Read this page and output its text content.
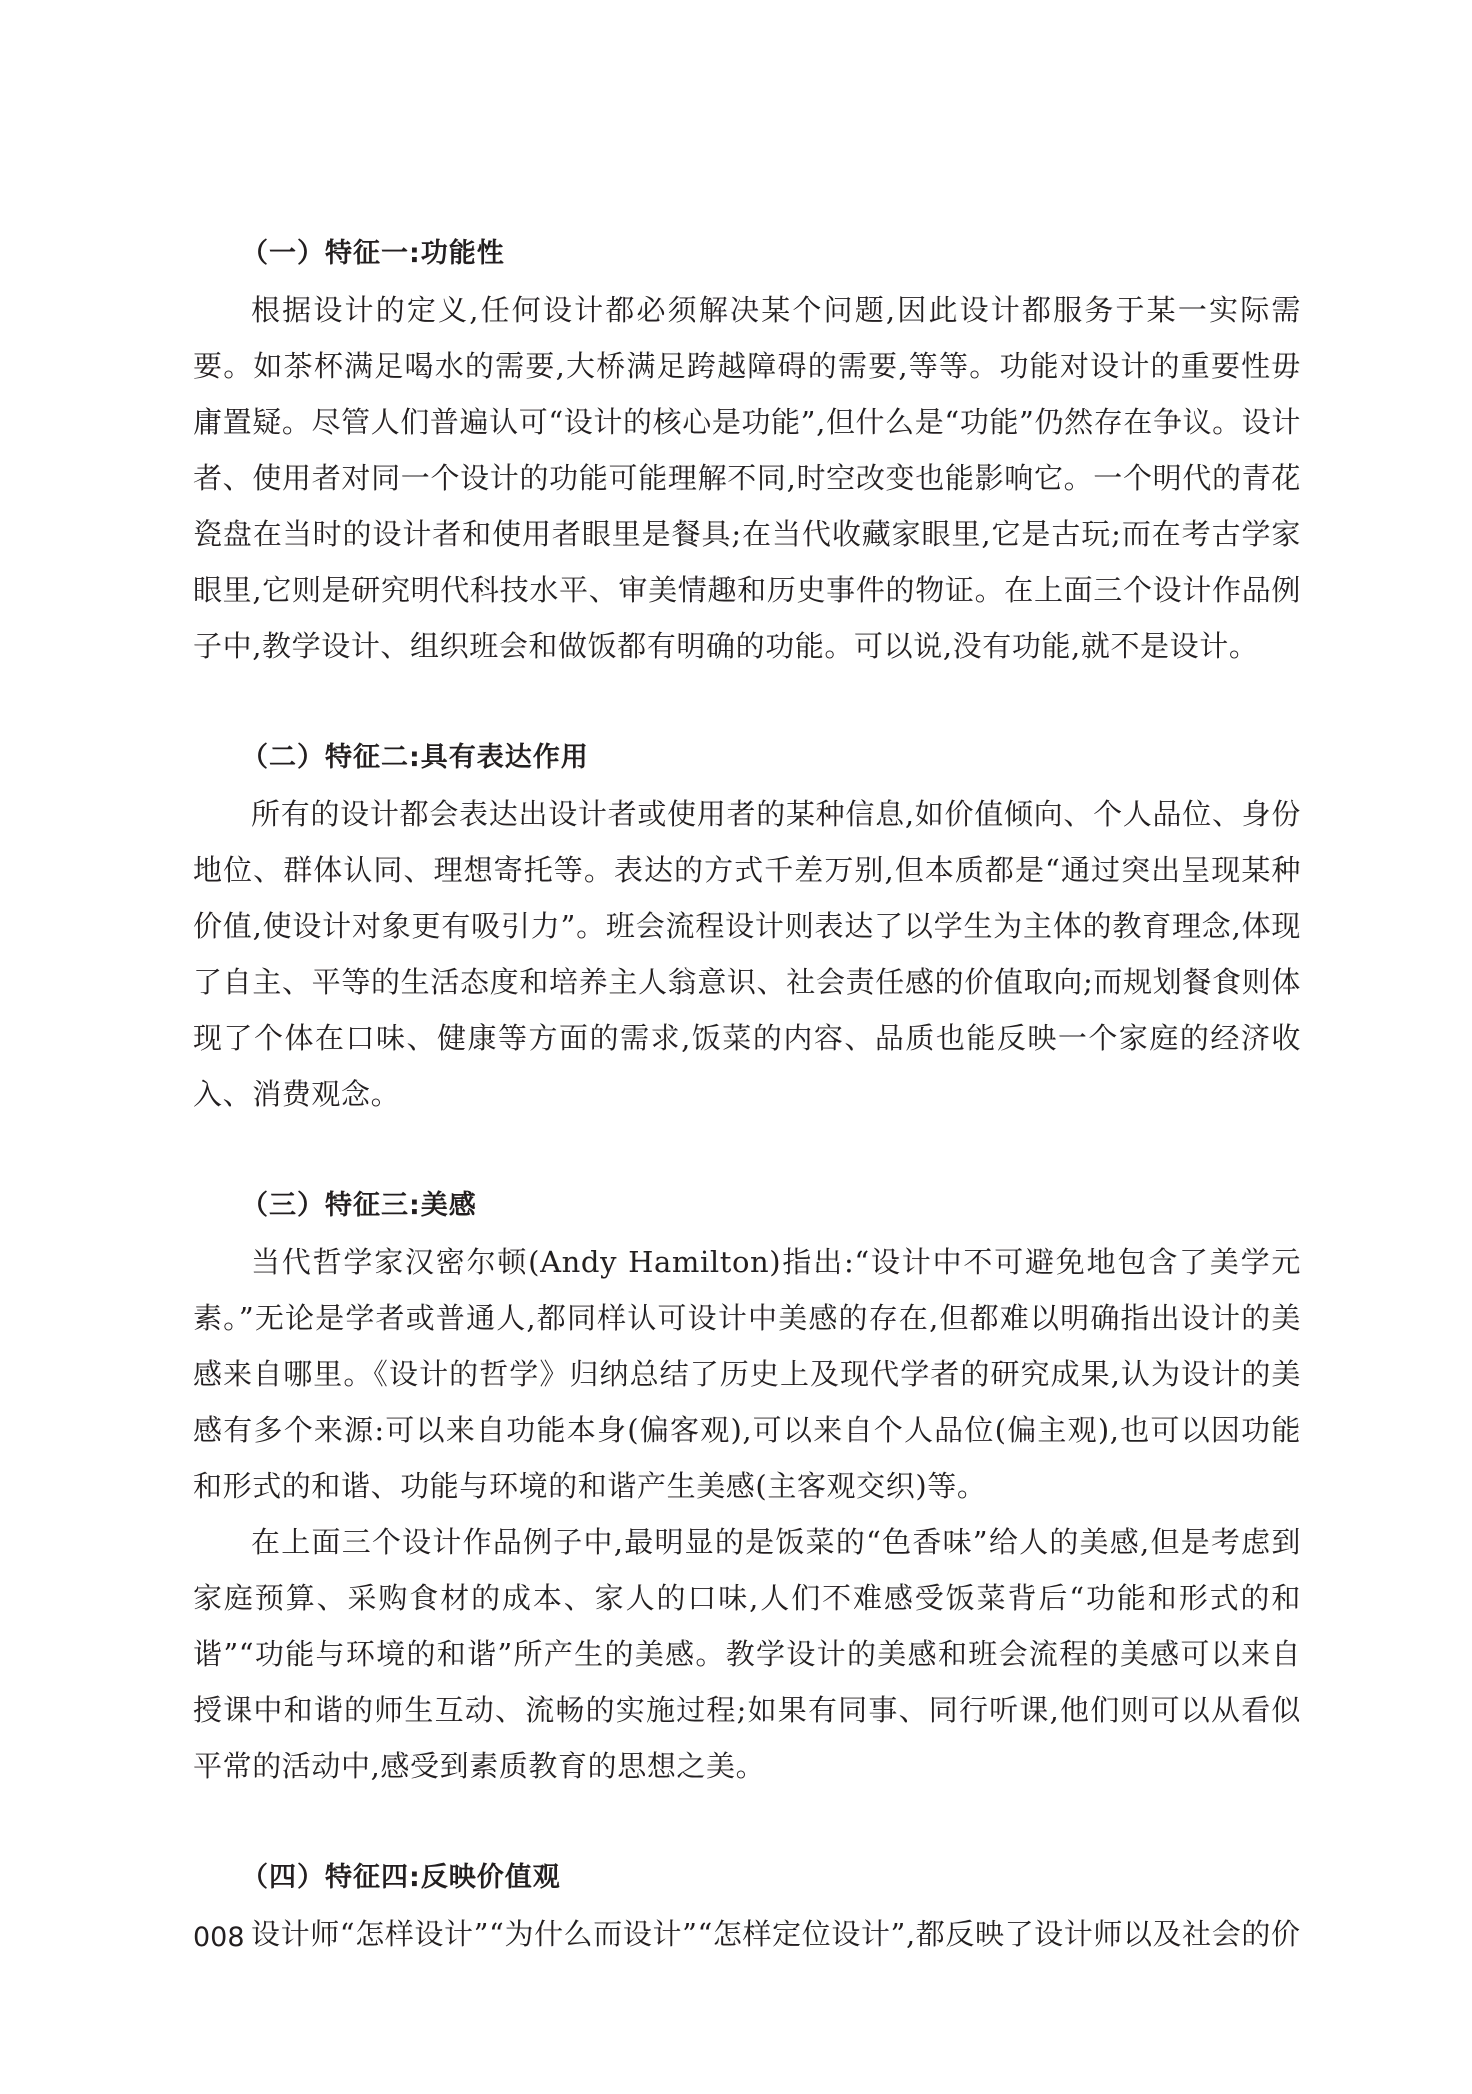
（一）特征一:功能性

根据设计的定义,任何设计都必须解决某个问题,因此设计都服务于某一实际需要。如茶杯满足喝水的需要,大桥满足跨越障碍的需要,等等。功能对设计的重要性毋庸置疑。尽管人们普遍认可“设计的核心是功能”,但什么是“功能”仍然存在争议。设计者、使用者对同一个设计的功能可能理解不同,时空改变也能影响它。一个明代的青花瓷盘在当时的设计者和使用者眼里是餐具;在当代收藏家眼里,它是古玩;而在考古学家眼里,它则是研究明代科技水平、审美情趣和历史事件的物证。在上面三个设计作品例子中,教学设计、组织班会和做饭都有明确的功能。可以说,没有功能,就不是设计。

（二）特征二:具有表达作用

所有的设计都会表达出设计者或使用者的某种信息,如价值倾向、个人品位、身份地位、群体认同、理想寄托等。表达的方式千差万别,但本质都是“通过突出呈现某种价值,使设计对象更有吸引力”。班会流程设计则表达了以学生为主体的教育理念,体现了自主、平等的生活态度和培养主人翁意识、社会责任感的价值取向;而规划餐食则体现了个体在口味、健康等方面的需求,饭菜的内容、品质也能反映一个家庭的经济收入、消费观念。

（三）特征三:美感

当代哲学家汉密尔顿(Andy Hamilton)指出:“设计中不可避免地包含了美学元素。”无论是学者或普通人,都同样认可设计中美感的存在,但都难以明确指出设计的美感来自哪里。《设计的哲学》归纳总结了历史上及现代学者的研究成果,认为设计的美感有多个来源:可以来自功能本身(偏客观),可以来自个人品位(偏主观),也可以因功能和形式的和谐、功能与环境的和谐产生美感(主客观交织)等。

在上面三个设计作品例子中,最明显的是饭菜的“色香味”给人的美感,但是考虑到家庭预算、采购食材的成本、家人的口味,人们不难感受饭菜背后“功能和形式的和谐”“功能与环境的和谐”所产生的美感。教学设计的美感和班会流程的美感可以来自授课中和谐的师生互动、流畅的实施过程;如果有同事、同行听课,他们则可以从看似平常的活动中,感受到素质教育的思想之美。

（四）特征四:反映价值观

设计师“怎样设计”“为什么而设计”“怎样定位设计”,都反映了设计师以及社会的价

008
